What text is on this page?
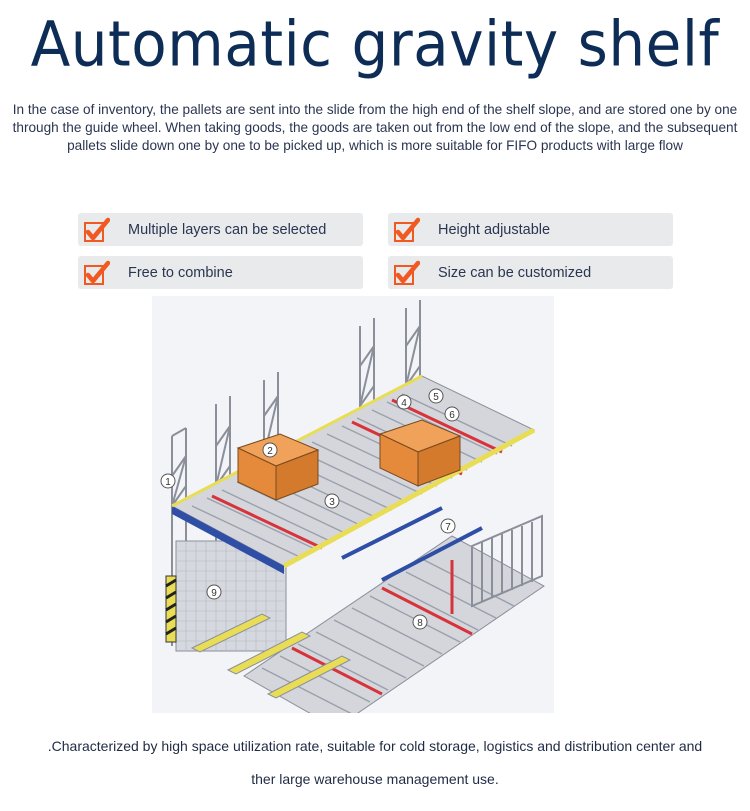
Automatic gravity shelf
In the case of inventory, the pallets are sent into the slide from the high end of the shelf slope, and are stored one by one through the guide wheel. When taking goods, the goods are taken out from the low end of the slope, and the subsequent pallets slide down one by one to be picked up, which is more suitable for FIFO products with large flow
Multiple layers can be selected	Height adjustable
Free to combine	Size can be customized
1
2
3
4
5
6
7
8
9
.Characterized by high space utilization rate, suitable for cold storage, logistics and distribution center and
ther large warehouse management use.
